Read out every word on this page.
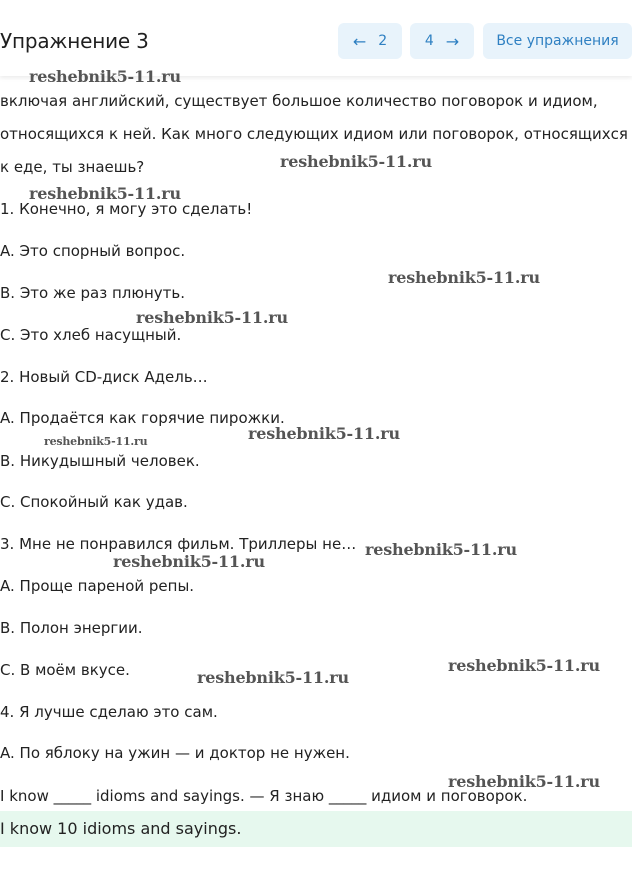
Упражнение 3	← 2	4 →	Все упражнения
включая английский, существует большое количество поговорок и идиом,
относящихся к ней. Как много следующих идиом или поговорок, относящихся
к еде, ты знаешь?
1. Конечно, я могу это сделать!
A. Это спорный вопрос.
B. Это же раз плюнуть.
C. Это хлеб насущный.
2. Новый CD-диск Адель…
A. Продаётся как горячие пирожки.
B. Никудышный человек.
C. Спокойный как удав.
3. Мне не понравился фильм. Триллеры не…
A. Проще пареной репы.
B. Полон энергии.
C. В моём вкусе.
4. Я лучше сделаю это сам.
A. По яблоку на ужин — и доктор не нужен.
I know _____ idioms and sayings. — Я знаю _____ идиом и поговорок.
I know 10 idioms and sayings.
reshebnik5-11.ru
reshebnik5-11.ru
reshebnik5-11.ru
reshebnik5-11.ru
reshebnik5-11.ru
reshebnik5-11.ru
reshebnik5-11.ru
reshebnik5-11.ru
reshebnik5-11.ru
reshebnik5-11.ru
reshebnik5-11.ru
reshebnik5-11.ru
